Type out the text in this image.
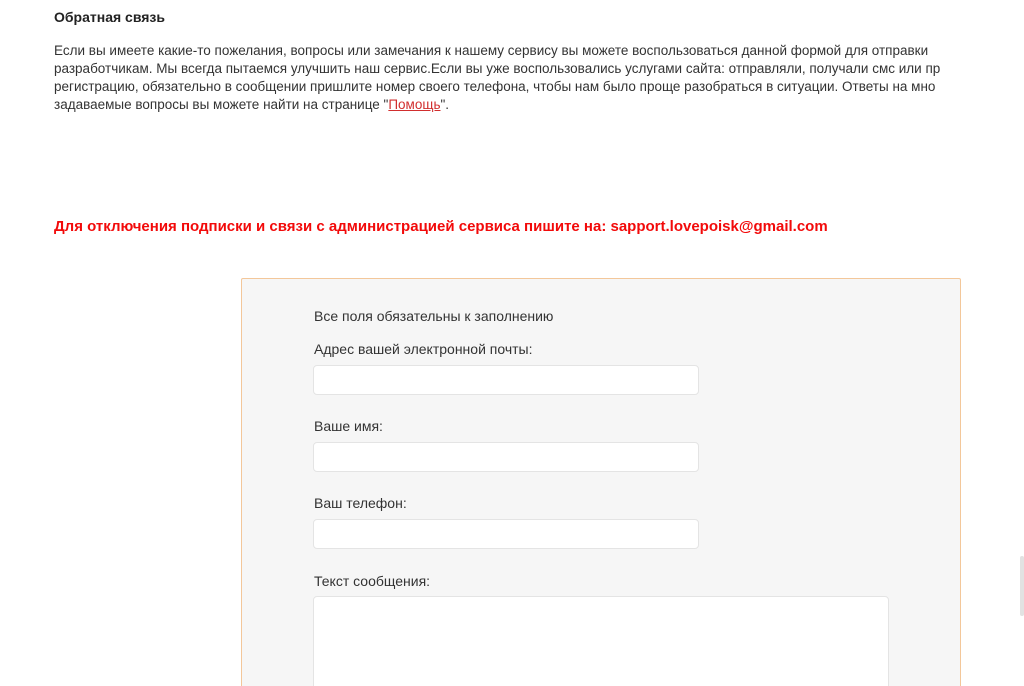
Обратная связь
Если вы имеете какие-то пожелания, вопросы или замечания к нашему сервису вы можете воспользоваться данной формой для отправки
разработчикам. Мы всегда пытаемся улучшить наш сервис.Если вы уже воспользовались услугами сайта: отправляли, получали смс или пр
регистрацию, обязательно в сообщении пришлите номер своего телефона, чтобы нам было проще разобраться в ситуации. Ответы на мно
задаваемые вопросы вы можете найти на странице "Помощь".
Для отключения подписки и связи с администрацией сервиса пишите на: sapport.lovepoisk@gmail.com
Все поля обязательны к заполнению
Адрес вашей электронной почты:
Ваше имя:
Ваш телефон:
Текст сообщения:
